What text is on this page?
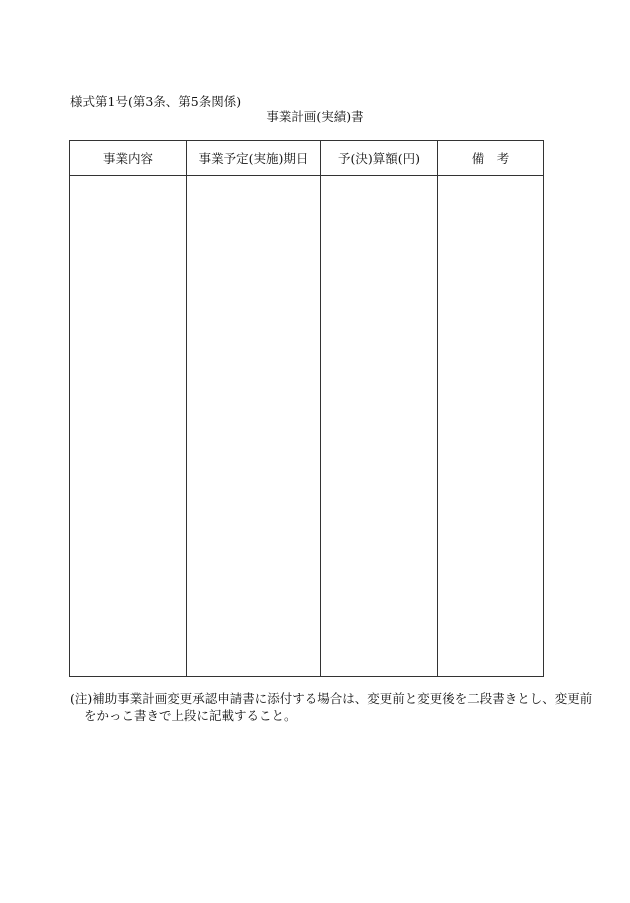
様式第1号(第3条、第5条関係)
事業計画(実績)書
事業内容	事業予定(実施)期日	予(決)算額(円)	備　考

(注)補助事業計画変更承認申請書に添付する場合は、変更前と変更後を二段書きとし、変更前
をかっこ書きで上段に記載すること。
